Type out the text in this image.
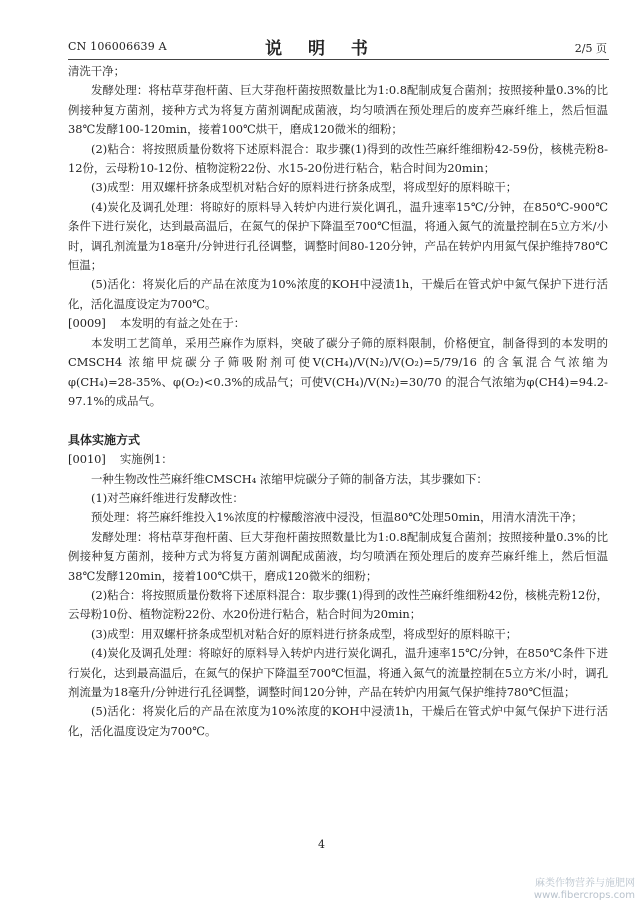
CN 106006639 A	说 明 书	2/5 页

清洗干净；

发酵处理：将枯草芽孢杆菌、巨大芽孢杆菌按照数量比为1:0.8配制成复合菌剂；按照接种量0.3%的比例接种复方菌剂，接种方式为将复方菌剂调配成菌液，均匀喷洒在预处理后的废弃苎麻纤维上，然后恒温38℃发酵100-120min，接着100℃烘干，磨成120微米的细粉；

(2)粘合：将按照质量份数将下述原料混合：取步骤(1)得到的改性苎麻纤维细粉42-59份，核桃壳粉8-12份，云母粉10-12份、植物淀粉22份、水15-20份进行粘合，粘合时间为20min；

(3)成型：用双螺杆挤条成型机对粘合好的原料进行挤条成型，将成型好的原料晾干；

(4)炭化及调孔处理：将晾好的原料导入转炉内进行炭化调孔，温升速率15℃/分钟，在850℃-900℃条件下进行炭化，达到最高温后，在氮气的保护下降温至700℃恒温，将通入氮气的流量控制在5立方米/小时，调孔剂流量为18毫升/分钟进行孔径调整，调整时间80-120分钟，产品在转炉内用氮气保护维持780℃恒温；

(5)活化：将炭化后的产品在浓度为10%浓度的KOH中浸渍1h，干燥后在管式炉中氮气保护下进行活化，活化温度设定为700℃。

[0009] 本发明的有益之处在于：

本发明工艺简单，采用苎麻作为原料，突破了碳分子筛的原料限制，价格便宜，制备得到的本发明的CMSCH4 浓缩甲烷碳分子筛吸附剂可使V(CH₄)/V(N₂)/V(O₂)=5/79/16 的含氧混合气浓缩为φ(CH₄)=28-35%、φ(O₂)<0.3%的成品气；可使V(CH₄)/V(N₂)=30/70 的混合气浓缩为φ(CH4)=94.2-97.1%的成品气。

具体实施方式

[0010] 实施例1：

一种生物改性苎麻纤维CMSCH₄ 浓缩甲烷碳分子筛的制备方法，其步骤如下：

(1)对苎麻纤维进行发酵改性：

预处理：将苎麻纤维投入1%浓度的柠檬酸溶液中浸没，恒温80℃处理50min，用清水清洗干净；

发酵处理：将枯草芽孢杆菌、巨大芽孢杆菌按照数量比为1:0.8配制成复合菌剂；按照接种量0.3%的比例接种复方菌剂，接种方式为将复方菌剂调配成菌液，均匀喷洒在预处理后的废弃苎麻纤维上，然后恒温38℃发酵120min，接着100℃烘干，磨成120微米的细粉；

(2)粘合：将按照质量份数将下述原料混合：取步骤(1)得到的改性苎麻纤维细粉42份，核桃壳粉12份，云母粉10份、植物淀粉22份、水20份进行粘合，粘合时间为20min；

(3)成型：用双螺杆挤条成型机对粘合好的原料进行挤条成型，将成型好的原料晾干；

(4)炭化及调孔处理：将晾好的原料导入转炉内进行炭化调孔，温升速率15℃/分钟，在850℃条件下进行炭化，达到最高温后，在氮气的保护下降温至700℃恒温，将通入氮气的流量控制在5立方米/小时，调孔剂流量为18毫升/分钟进行孔径调整，调整时间120分钟，产品在转炉内用氮气保护维持780℃恒温；

(5)活化：将炭化后的产品在浓度为10%浓度的KOH中浸渍1h，干燥后在管式炉中氮气保护下进行活化，活化温度设定为700℃。

4
麻类作物营养与施肥网
www.fibercrops.com
